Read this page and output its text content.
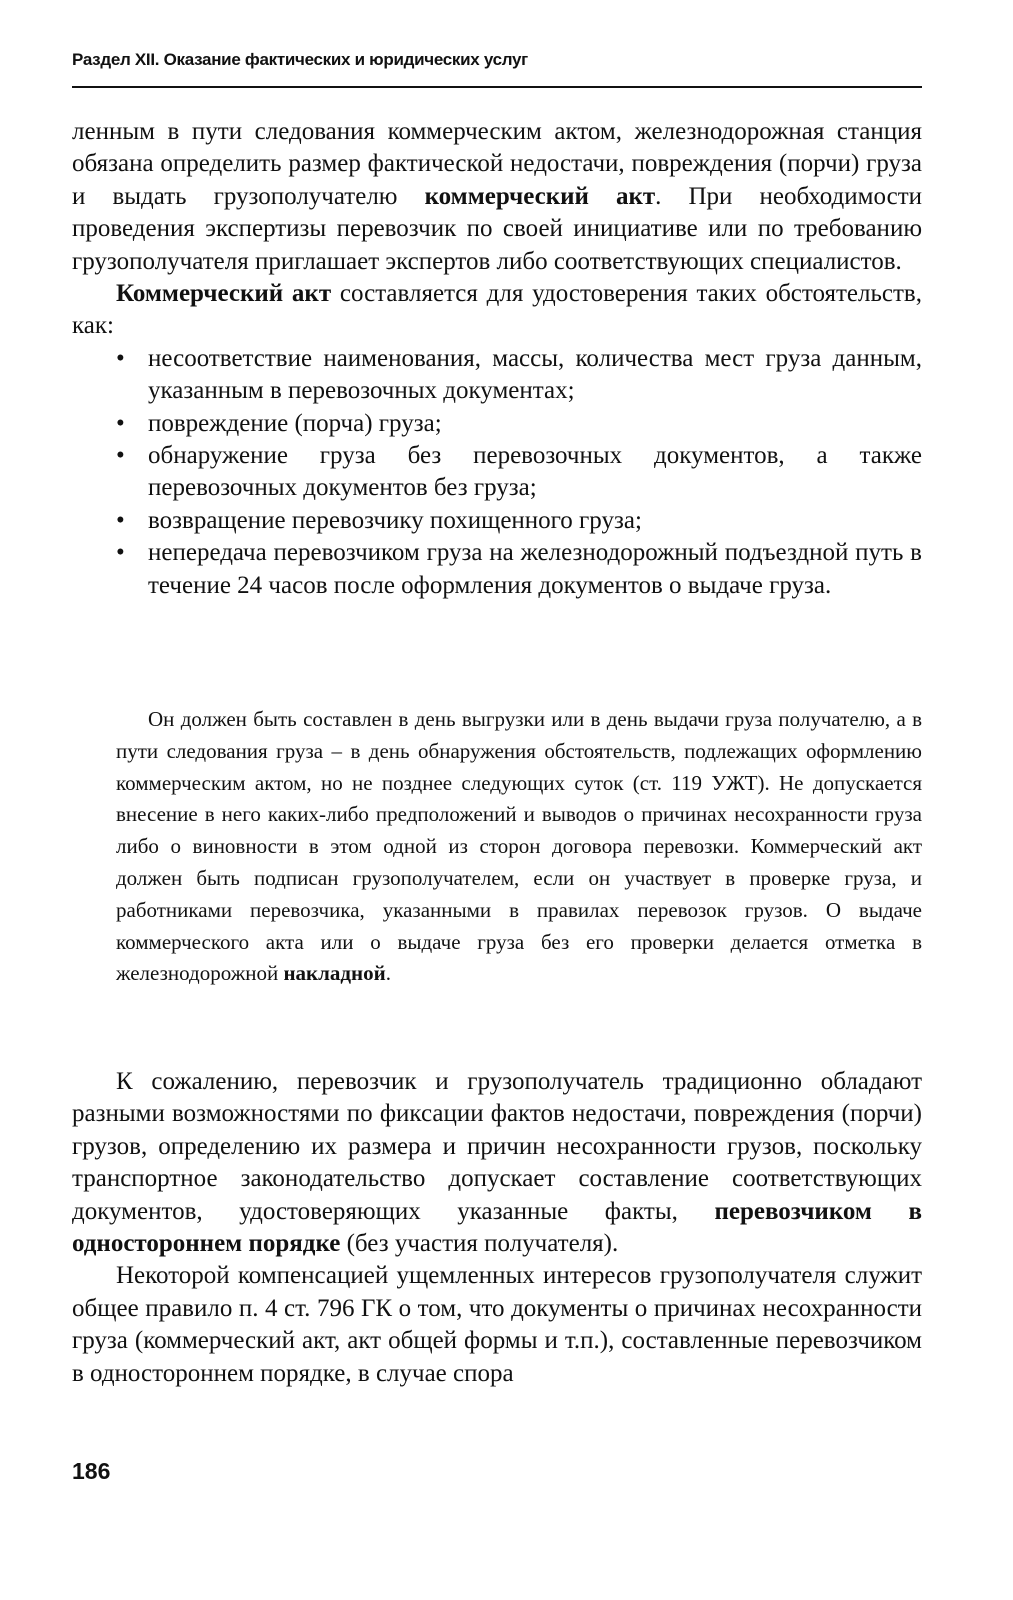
Раздел XII. Оказание фактических и юридических услуг

ленным в пути следования коммерческим актом, железнодорожная станция обязана определить размер фактической недостачи, повреждения (порчи) груза и выдать грузополучателю коммерческий акт. При необходимости проведения экспертизы перевозчик по своей инициативе или по требованию грузополучателя приглашает экспертов либо соответствующих специалистов.

Коммерческий акт составляется для удостоверения таких обстоятельств, как:

• несоответствие наименования, массы, количества мест груза данным, указанным в перевозочных документах;
• повреждение (порча) груза;
• обнаружение груза без перевозочных документов, а также перевозочных документов без груза;
• возвращение перевозчику похищенного груза;
• непередача перевозчиком груза на железнодорожный подъездной путь в течение 24 часов после оформления документов о выдаче груза.

Он должен быть составлен в день выгрузки или в день выдачи груза получателю, а в пути следования груза – в день обнаружения обстоятельств, подлежащих оформлению коммерческим актом, но не позднее следующих суток (ст. 119 УЖТ). Не допускается внесение в него каких-либо предположений и выводов о причинах несохранности груза либо о виновности в этом одной из сторон договора перевозки. Коммерческий акт должен быть подписан грузополучателем, если он участвует в проверке груза, и работниками перевозчика, указанными в правилах перевозок грузов. О выдаче коммерческого акта или о выдаче груза без его проверки делается отметка в железнодорожной накладной.

К сожалению, перевозчик и грузополучатель традиционно обладают разными возможностями по фиксации фактов недостачи, повреждения (порчи) грузов, определению их размера и причин несохранности грузов, поскольку транспортное законодательство допускает составление соответствующих документов, удостоверяющих указанные факты, перевозчиком в одностороннем порядке (без участия получателя).

Некоторой компенсацией ущемленных интересов грузополучателя служит общее правило п. 4 ст. 796 ГК о том, что документы о причинах несохранности груза (коммерческий акт, акт общей формы и т.п.), составленные перевозчиком в одностороннем порядке, в случае спора

186
